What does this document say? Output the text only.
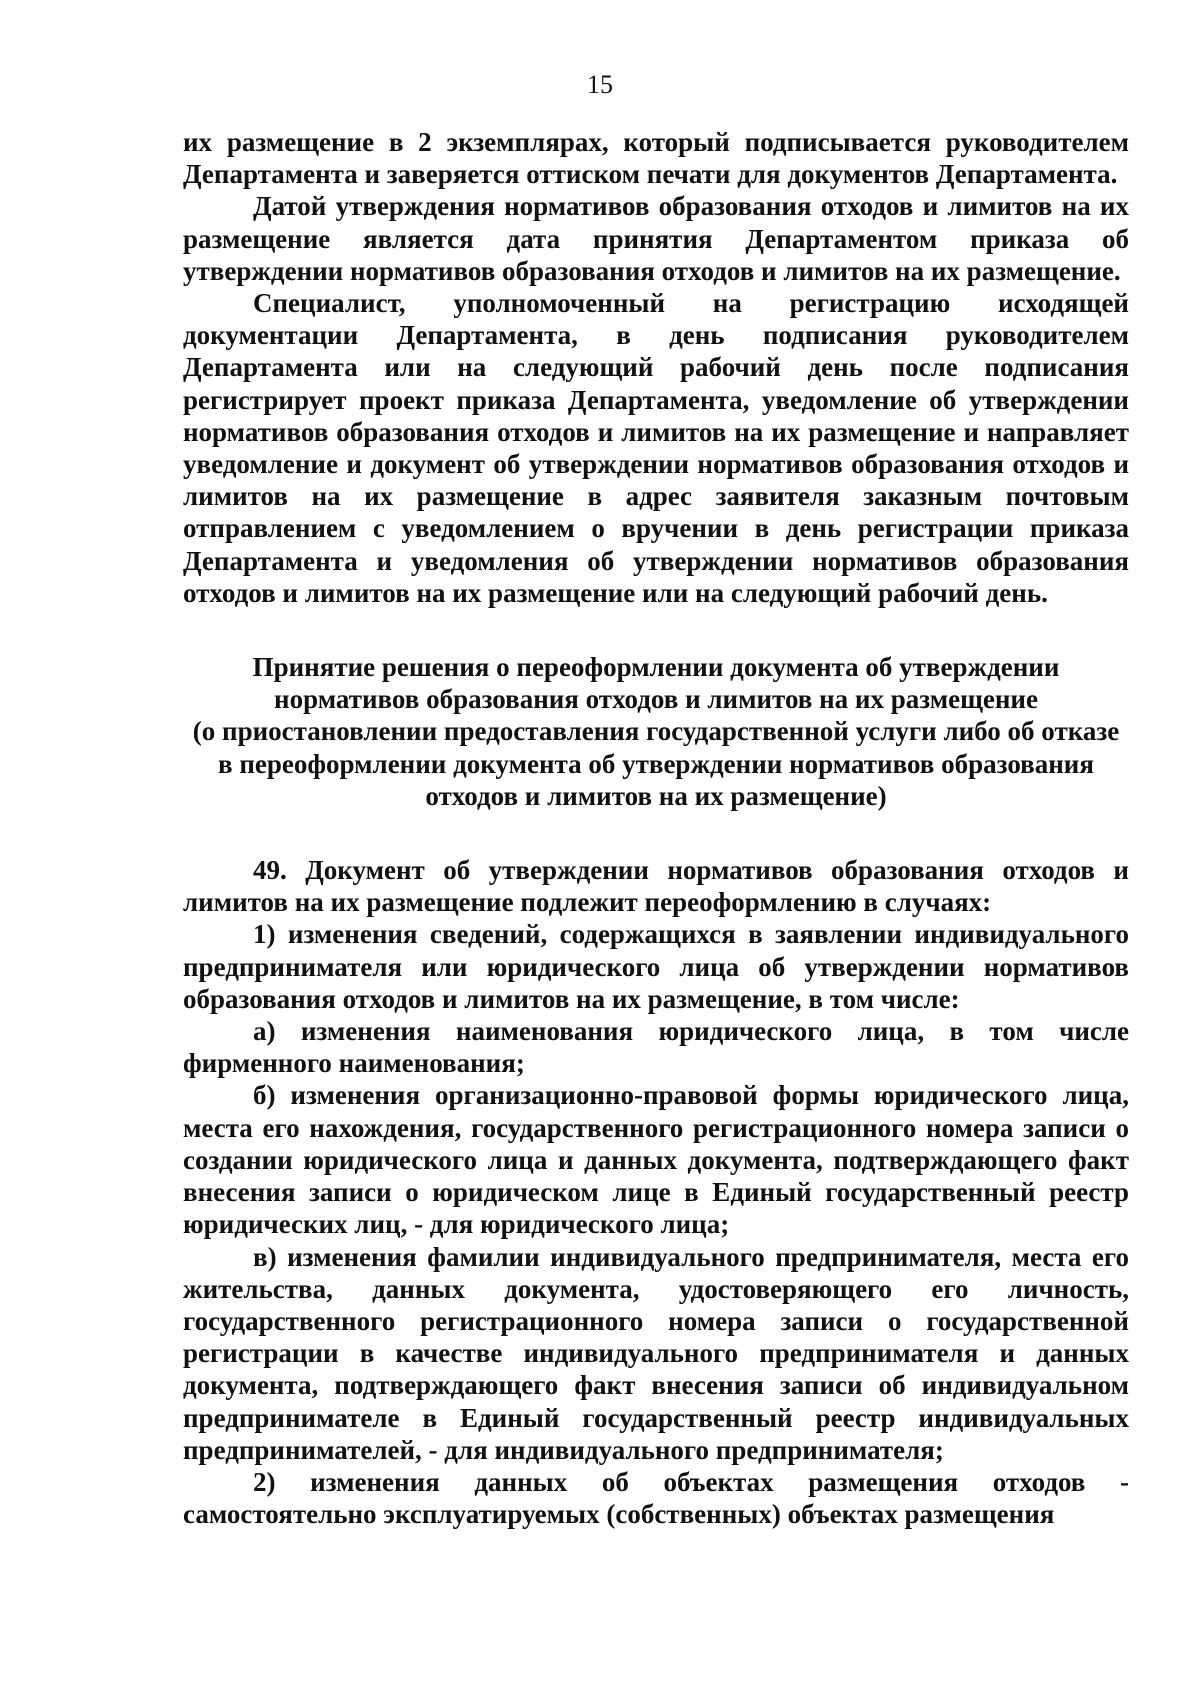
15

их размещение в 2 экземплярах, который подписывается руководителем Департамента и заверяется оттиском печати для документов Департамента.

Датой утверждения нормативов образования отходов и лимитов на их размещение является дата принятия Департаментом приказа об утверждении нормативов образования отходов и лимитов на их размещение.

Специалист, уполномоченный на регистрацию исходящей документации Департамента, в день подписания руководителем Департамента или на следующий рабочий день после подписания регистрирует проект приказа Департамента, уведомление об утверждении нормативов образования отходов и лимитов на их размещение и направляет уведомление и документ об утверждении нормативов образования отходов и лимитов на их размещение в адрес заявителя заказным почтовым отправлением с уведомлением о вручении в день регистрации приказа Департамента и уведомления об утверждении нормативов образования отходов и лимитов на их размещение или на следующий рабочий день.

Принятие решения о переоформлении документа об утверждении
нормативов образования отходов и лимитов на их размещение
(о приостановлении предоставления государственной услуги либо об отказе
в переоформлении документа об утверждении нормативов образования
отходов и лимитов на их размещение)

49. Документ об утверждении нормативов образования отходов и лимитов на их размещение подлежит переоформлению в случаях:

1) изменения сведений, содержащихся в заявлении индивидуального предпринимателя или юридического лица об утверждении нормативов образования отходов и лимитов на их размещение, в том числе:

а) изменения наименования юридического лица, в том числе фирменного наименования;

б) изменения организационно-правовой формы юридического лица, места его нахождения, государственного регистрационного номера записи о создании юридического лица и данных документа, подтверждающего факт внесения записи о юридическом лице в Единый государственный реестр юридических лиц, - для юридического лица;

в) изменения фамилии индивидуального предпринимателя, места его жительства, данных документа, удостоверяющего его личность, государственного регистрационного номера записи о государственной регистрации в качестве индивидуального предпринимателя и данных документа, подтверждающего факт внесения записи об индивидуальном предпринимателе в Единый государственный реестр индивидуальных предпринимателей, - для индивидуального предпринимателя;

2) изменения данных об объектах размещения отходов - самостоятельно эксплуатируемых (собственных) объектах размещения
